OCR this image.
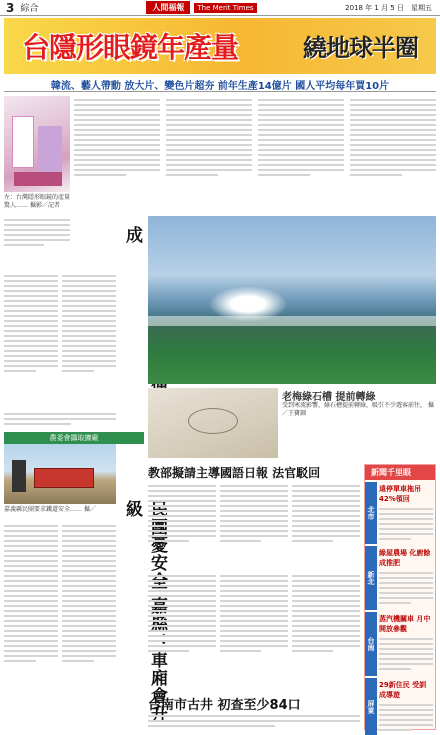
3 綜合	人間福報	The Merit Times	2018 年 1 月 5 日　星期五
台隱形眼鏡年產量	繞地球半圈
韓流、藝人帶動 放大片、變色片超夯 前年生產14億片 國人平均每年買10片
左：台灣隱形眼鏡的產量驚人…… 攝影／記者
僅 成
農委會攝取擴廠
老梅綠石槽 提前轉綠
受到寒流影響，綠石槽提前轉綠，吸引不少遊客前往。 攝／王寶鈿
嘉義縣民團要求鐵道安全…… 攝／	民團憂安全 嘉縣：車廂會升級
教部擬請主導國語日報 法官駁回
台南市古井 初查至少84口
新聞千里眼
北市
遠停單車拖吊 42%領回
新北
綠屋農場 化廚餘成推肥
台南
蒸汽機關車 月中開放參觀
屏東
29新住民 受訓成導遊
